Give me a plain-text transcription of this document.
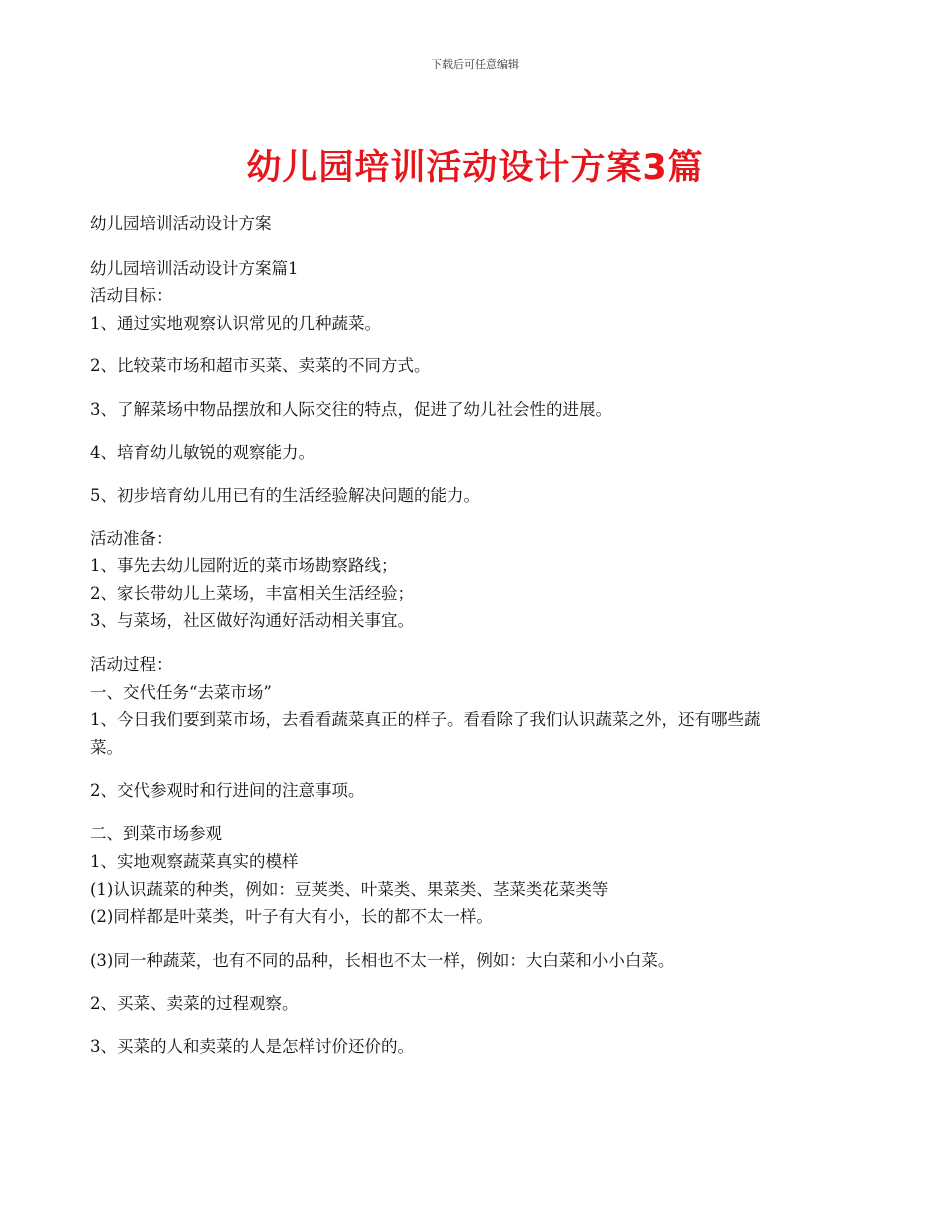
下载后可任意编辑
幼儿园培训活动设计方案3篇
幼儿园培训活动设计方案
幼儿园培训活动设计方案篇1
活动目标：
1、通过实地观察认识常见的几种蔬菜。
2、比较菜市场和超市买菜、卖菜的不同方式。
3、了解菜场中物品摆放和人际交往的特点，促进了幼儿社会性的进展。
4、培育幼儿敏锐的观察能力。
5、初步培育幼儿用已有的生活经验解决问题的能力。
活动准备：
1、事先去幼儿园附近的菜市场勘察路线；
2、家长带幼儿上菜场，丰富相关生活经验；
3、与菜场，社区做好沟通好活动相关事宜。
活动过程：
一、交代任务“去菜市场”
1、今日我们要到菜市场，去看看蔬菜真正的样子。看看除了我们认识蔬菜之外，还有哪些蔬
菜。
2、交代参观时和行进间的注意事项。
二、到菜市场参观
1、实地观察蔬菜真实的模样
(1)认识蔬菜的种类，例如：豆荚类、叶菜类、果菜类、茎菜类花菜类等
(2)同样都是叶菜类，叶子有大有小，长的都不太一样。
(3)同一种蔬菜，也有不同的品种，长相也不太一样，例如：大白菜和小小白菜。
2、买菜、卖菜的过程观察。
3、买菜的人和卖菜的人是怎样讨价还价的。
